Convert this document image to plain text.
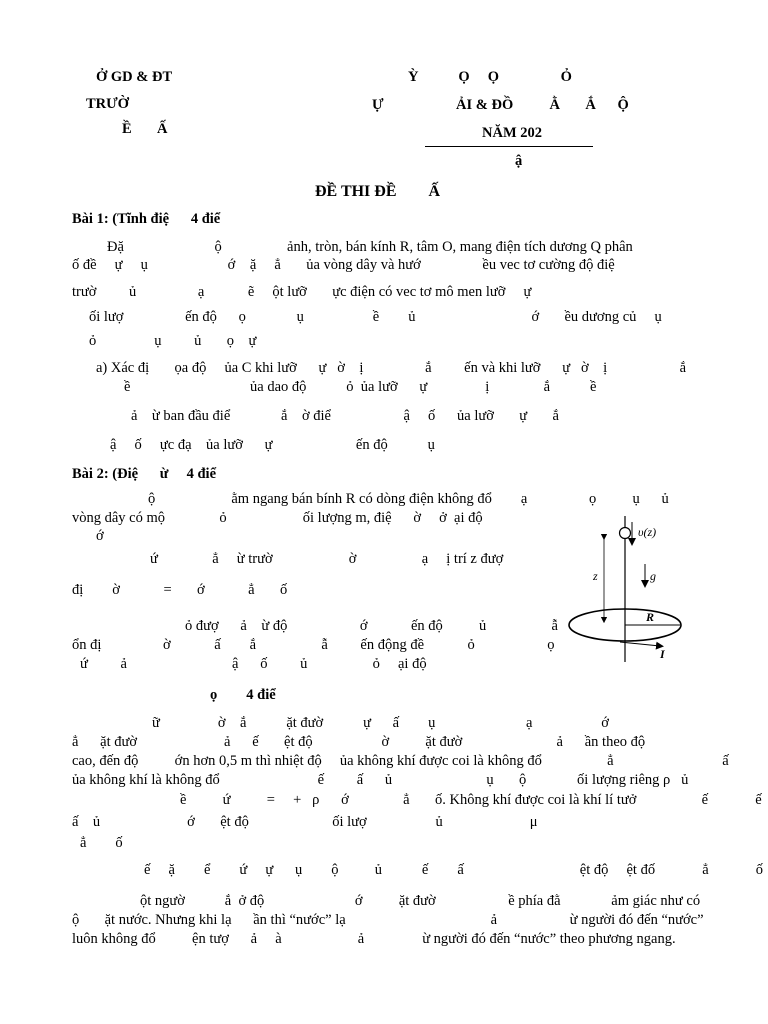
Ở GD & ĐT
TRƯỜ
Ề       Ấ
Ỳ           Ọ     Ọ                 Ỏ
Ự                    ẢI & ĐỒ          Ằ       Ắ      Ộ
NĂM 202
ậ
ĐỀ THI ĐỀ        Ấ
Bài 1: (Tĩnh điệ      4 điể
Đặ                         ộ                  ảnh, tròn, bán kính R, tâm O, mang điện tích dương Q phân
ố đề     ự     ụ                      ớ    ặ     ẳ       ủa vòng dây và hướ                 ều vec tơ cường độ điệ
trườ         ủ                 ạ            ẽ     ột lưỡ       ực điện có vec tơ mô men lưỡ     ự
ối lượ                 ến độ      ọ              ụ                   ề        ủ                                ớ       ều dương củ     ụ
ỏ                ụ         ủ       ọ    ự
a) Xác đị       ọa độ     ủa C khi lưỡ      ự   ờ    ị                 ắ         ến và khi lưỡ      ự   ờ    ị                    ắ
ề                                 ủa dao độ           ỏ  ủa lưỡ      ự                ị               ắ           ề
ả    ừ ban đầu điể              ắ    ờ điể                    ậ     ố      ủa lưỡ       ự       ắ
ậ     ố     ực đạ    ủa lưỡ      ự                       ến độ           ụ
Bài 2: (Điệ      ừ     4 điể
ộ                     ằm ngang bán bính R có dòng điện không đổ        ạ                 ọ          ụ      ủ
vòng dây có mộ               ỏ                     ối lượng m, điệ      ờ     ở  ại độ
ớ
ứ               ẳ     ừ trườ                     ờ                  ạ     ị trí z đượ
đị        ờ            =       ớ            ẳ       ố
ỏ đượ      ả    ừ độ                    ớ            ến độ          ủ                  ẫ
ổn đị                 ờ            ấ        ắ                  ẫ         ến động đề            ỏ                    ọ
ứ         ả                             ậ      ố         ủ                  ỏ     ại độ
υ(z)
z	g
R
I
ọ        4 điể
ữ                ờ    ắ           ặt đườ           ự      ấ        ụ                         ạ                   ớ
ẳ      ặt đườ                        ả      ế       ệt độ                   ờ          ặt đườ                          ả      ần theo độ
cao, đến độ          ớn hơn 0,5 m thì nhiệt độ     ủa không khí được coi là không đổ                  ẳ                              ấ
ủa không khí là không đổ                           ế         ấ      ủ                          ụ       ộ              ối lượng riêng ρ   ủ
ề          ứ          =     +   ρ      ớ               ẳ       ố. Không khí được coi là khí lí tưở                  ế             ế
ấ    ủ                        ớ       ệt độ                       ối lượ                   ủ                        μ
ẳ        ố
ế     ặ        ể        ứ     ự      ụ        ộ          ủ           ế        ấ                                ệt độ     ệt đố             ẳ             ố
ột ngườ           ắ  ở độ                         ớ          ặt đườ                    ề phía đằ              ảm giác như có
ộ       ặt nước. Nhưng khi lạ      ần thì “nước” lạ                                        ả                    ừ người đó đến “nước”
luôn không đổ          ện tượ      ả     à                     ả                ừ người đó đến “nước” theo phương ngang.
